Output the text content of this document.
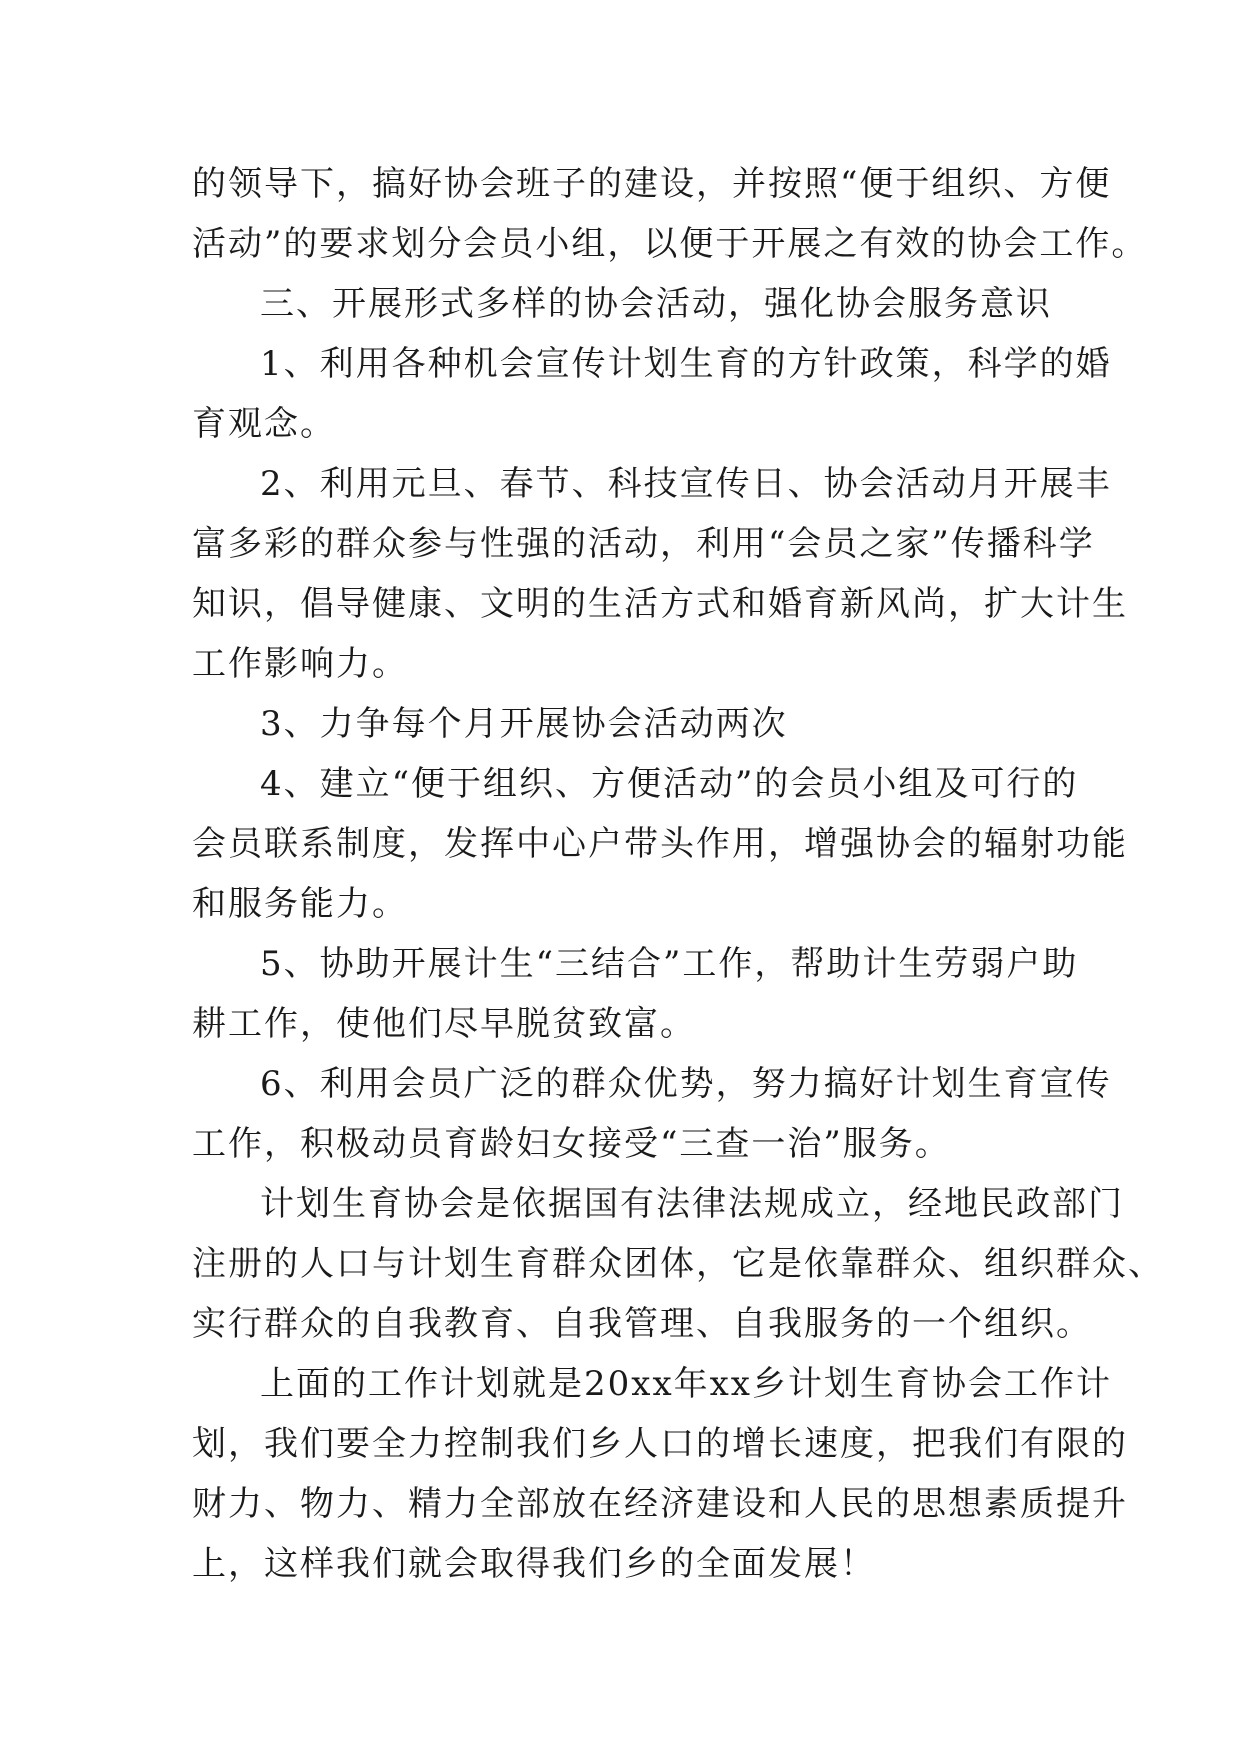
的领导下，搞好协会班子的建设，并按照“便于组织、方便
活动”的要求划分会员小组，以便于开展之有效的协会工作。
三、开展形式多样的协会活动，强化协会服务意识
1、利用各种机会宣传计划生育的方针政策，科学的婚
育观念。
2、利用元旦、春节、科技宣传日、协会活动月开展丰
富多彩的群众参与性强的活动，利用“会员之家”传播科学
知识，倡导健康、文明的生活方式和婚育新风尚，扩大计生
工作影响力。
3、力争每个月开展协会活动两次
4、建立“便于组织、方便活动”的会员小组及可行的
会员联系制度，发挥中心户带头作用，增强协会的辐射功能
和服务能力。
5、协助开展计生“三结合”工作，帮助计生劳弱户助
耕工作，使他们尽早脱贫致富。
6、利用会员广泛的群众优势，努力搞好计划生育宣传
工作，积极动员育龄妇女接受“三查一治”服务。
计划生育协会是依据国有法律法规成立，经地民政部门
注册的人口与计划生育群众团体，它是依靠群众、组织群众、
实行群众的自我教育、自我管理、自我服务的一个组织。
上面的工作计划就是20xx年xx乡计划生育协会工作计
划，我们要全力控制我们乡人口的增长速度，把我们有限的
财力、物力、精力全部放在经济建设和人民的思想素质提升
上，这样我们就会取得我们乡的全面发展！
